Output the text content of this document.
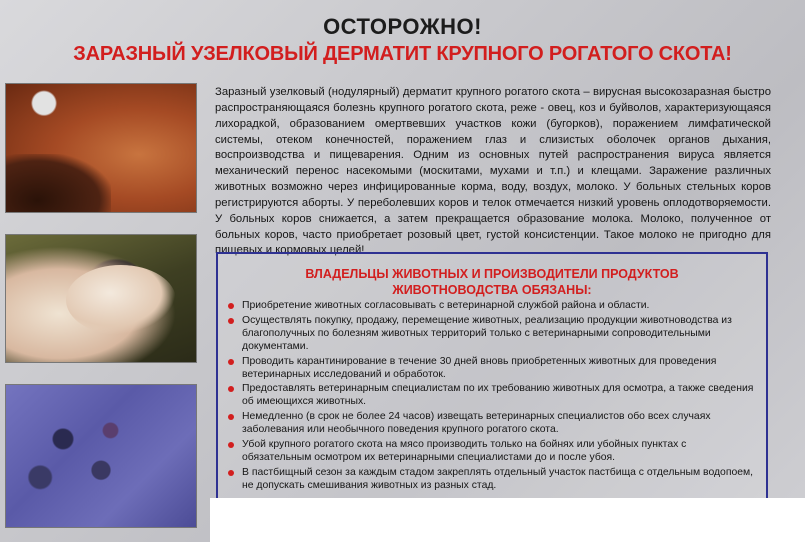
ОСТОРОЖНО!
ЗАРАЗНЫЙ УЗЕЛКОВЫЙ ДЕРМАТИТ КРУПНОГО РОГАТОГО СКОТА!
Заразный узелковый (нодулярный) дерматит крупного рогатого скота – вирусная высокозаразная быстро распространяющаяся болезнь крупного рогатого скота, реже - овец, коз и буйволов, характеризующаяся лихорадкой, образованием омертвевших участков кожи (бугорков), поражением лимфатической системы, отеком конечностей, поражением глаз и слизистых оболочек органов дыхания, воспроизводства и пищеварения. Одним из основных путей распространения вируса является механический перенос насекомыми (москитами, мухами и т.п.) и клещами. Заражение различных животных возможно через инфицированные корма, воду, воздух, молоко. У больных стельных коров регистрируются аборты. У переболевших коров и телок отмечается низкий уровень оплодотворяемости. У больных коров снижается, а затем прекращается образование молока. Молоко, полученное от больных коров, часто приобретает розовый цвет, густой консистенции. Такое молоко не пригодно для пищевых и кормовых целей!
ВЛАДЕЛЬЦЫ ЖИВОТНЫХ И ПРОИЗВОДИТЕЛИ ПРОДУКТОВ
ЖИВОТНОВОДСТВА ОБЯЗАНЫ:
Приобретение животных согласовывать с ветеринарной службой района и области.
Осуществлять покупку, продажу, перемещение животных, реализацию продукции животноводства из благополучных по болезням животных территорий только с ветеринарными сопроводительными документами.
Проводить карантинирование в течение 30 дней вновь приобретенных животных для проведения ветеринарных исследований и обработок.
Предоставлять ветеринарным специалистам по их требованию животных для осмотра, а также сведения об имеющихся животных.
Немедленно (в срок не более 24 часов) извещать ветеринарных специалистов обо всех случаях заболевания или необычного поведения крупного рогатого скота.
Убой крупного рогатого скота на мясо производить только на бойнях или убойных пунктах с обязательным осмотром их ветеринарными специалистами до и после убоя.
В пастбищный сезон за каждым стадом закреплять отдельный участок пастбища с отдельным водопоем, не допускать смешивания животных из разных стад.
